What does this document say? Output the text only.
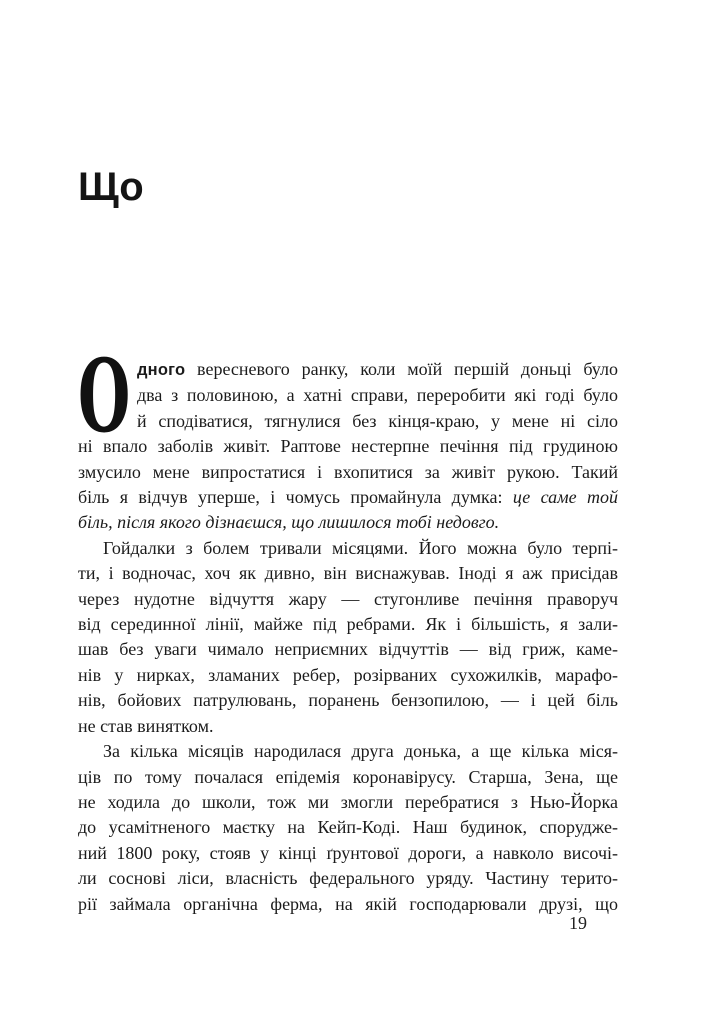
Що
О дного вересневого ранку, коли моїй першій доньці було
два з половиною, а хатні справи, переробити які годі було
й сподіватися, тягнулися без кінця-краю, у мене ні сіло
ні впало заболів живіт. Раптове нестерпне печіння під грудиною
змусило мене випростатися і вхопитися за живіт рукою. Такий
біль я відчув уперше, і чомусь промайнула думка: це саме той
біль, після якого дізнаєшся, що лишилося тобі недовго.
Гойдалки з болем тривали місяцями. Його можна було терпі-
ти, і водночас, хоч як дивно, він виснажував. Іноді я аж присідав
через нудотне відчуття жару — стугонливе печіння праворуч
від серединної лінії, майже під ребрами. Як і більшість, я зали-
шав без уваги чимало неприємних відчуттів — від гриж, каме-
нів у нирках, зламаних ребер, розірваних сухожилків, марафо-
нів, бойових патрулювань, поранень бензопилою, — і цей біль
не став винятком.
За кілька місяців народилася друга донька, а ще кілька міся-
ців по тому почалася епідемія коронавірусу. Старша, Зена, ще
не ходила до школи, тож ми змогли перебратися з Нью-Йорка
до усамітненого маєтку на Кейп-Коді. Наш будинок, спорудже-
ний 1800 року, стояв у кінці ґрунтової дороги, а навколо височі-
ли соснові ліси, власність федерального уряду. Частину терито-
рії займала органічна ферма, на якій господарювали друзі, що
19
